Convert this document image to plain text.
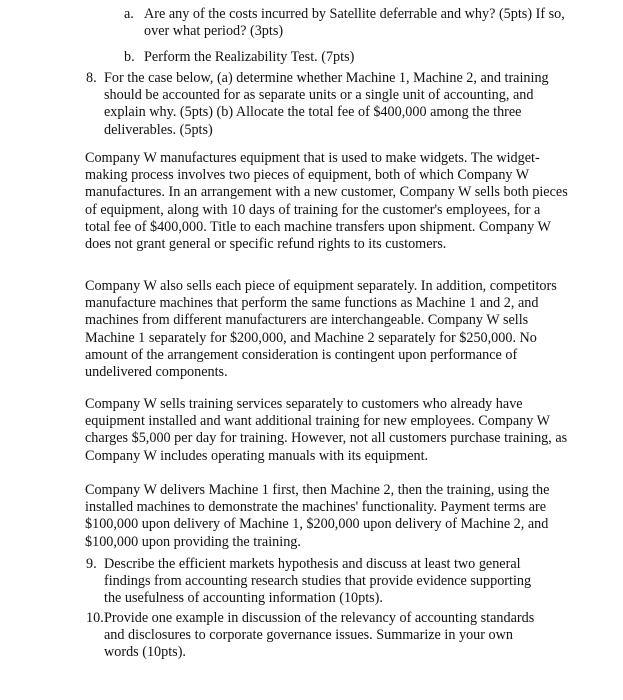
a. Are any of the costs incurred by Satellite deferrable and why? (5pts) If so, over what period? (3pts)
b. Perform the Realizability Test. (7pts)
8. For the case below, (a) determine whether Machine 1, Machine 2, and training should be accounted for as separate units or a single unit of accounting, and explain why. (5pts) (b) Allocate the total fee of $400,000 among the three deliverables. (5pts)
Company W manufactures equipment that is used to make widgets. The widget-making process involves two pieces of equipment, both of which Company W manufactures. In an arrangement with a new customer, Company W sells both pieces of equipment, along with 10 days of training for the customer's employees, for a total fee of $400,000. Title to each machine transfers upon shipment. Company W does not grant general or specific refund rights to its customers.
Company W also sells each piece of equipment separately. In addition, competitors manufacture machines that perform the same functions as Machine 1 and 2, and machines from different manufacturers are interchangeable. Company W sells Machine 1 separately for $200,000, and Machine 2 separately for $250,000. No amount of the arrangement consideration is contingent upon performance of undelivered components.
Company W sells training services separately to customers who already have equipment installed and want additional training for new employees. Company W charges $5,000 per day for training. However, not all customers purchase training, as Company W includes operating manuals with its equipment.
Company W delivers Machine 1 first, then Machine 2, then the training, using the installed machines to demonstrate the machines' functionality. Payment terms are $100,000 upon delivery of Machine 1, $200,000 upon delivery of Machine 2, and $100,000 upon providing the training.
9. Describe the efficient markets hypothesis and discuss at least two general findings from accounting research studies that provide evidence supporting the usefulness of accounting information (10pts).
10. Provide one example in discussion of the relevancy of accounting standards and disclosures to corporate governance issues. Summarize in your own words (10pts).
